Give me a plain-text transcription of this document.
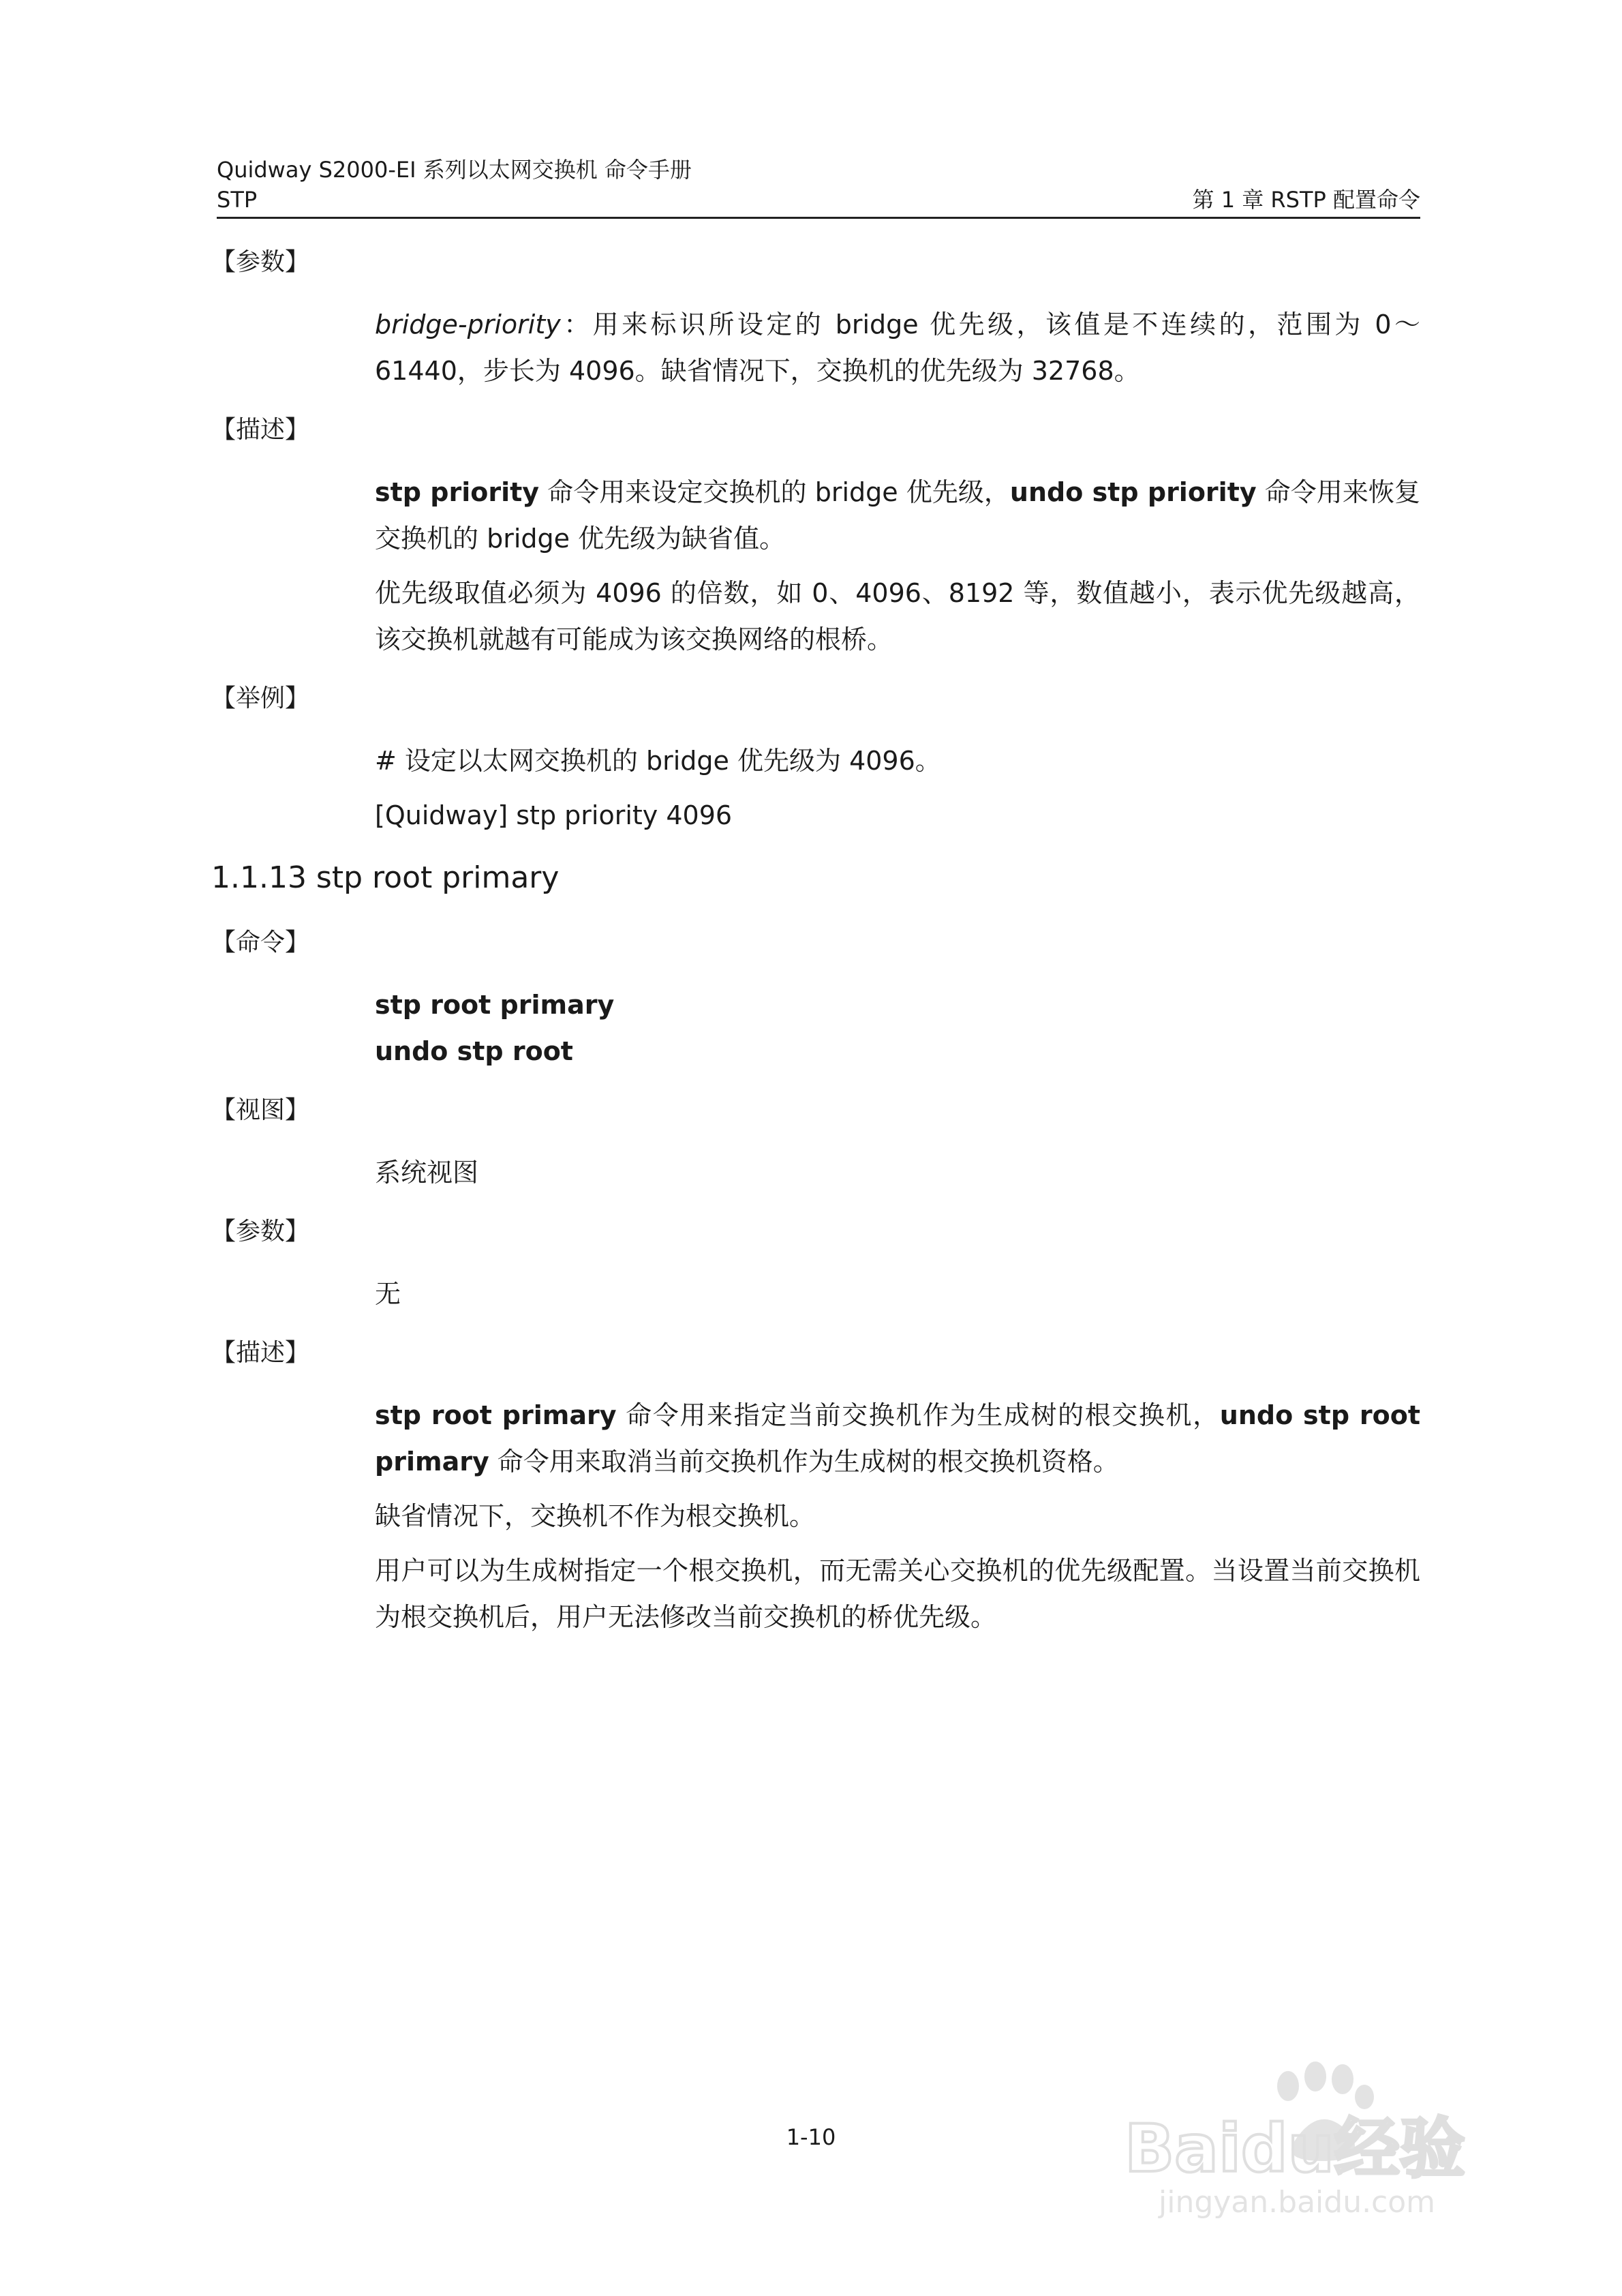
Quidway S2000-EI 系列以太网交换机 命令手册
STP	第 1 章 RSTP 配置命令
【参数】
bridge-priority：用来标识所设定的 bridge 优先级，该值是不连续的，范围为 0～61440，步长为 4096。缺省情况下，交换机的优先级为 32768。
【描述】
stp priority 命令用来设定交换机的 bridge 优先级，undo stp priority 命令用来恢复交换机的 bridge 优先级为缺省值。
优先级取值必须为 4096 的倍数，如 0、4096、8192 等，数值越小，表示优先级越高，该交换机就越有可能成为该交换网络的根桥。
【举例】
# 设定以太网交换机的 bridge 优先级为 4096。
[Quidway] stp priority 4096
1.1.13 stp root primary
【命令】
stp root primary
undo stp root
【视图】
系统视图
【参数】
无
【描述】
stp root primary 命令用来指定当前交换机作为生成树的根交换机，undo stp root primary 命令用来取消当前交换机作为生成树的根交换机资格。
缺省情况下，交换机不作为根交换机。
用户可以为生成树指定一个根交换机，而无需关心交换机的优先级配置。当设置当前交换机为根交换机后，用户无法修改当前交换机的桥优先级。
1-10	Baidu经验
jingyan.baidu.com
